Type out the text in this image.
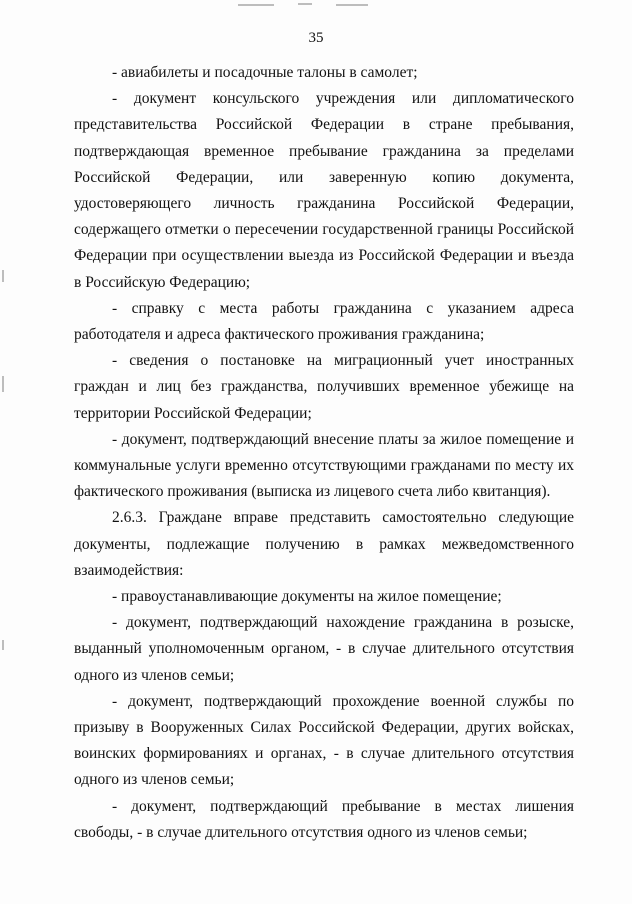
35

- авиабилеты и посадочные талоны в самолет;

- документ консульского учреждения или дипломатического представительства Российской Федерации в стране пребывания, подтверждающая временное пребывание гражданина за пределами Российской Федерации, или заверенную копию документа, удостоверяющего личность гражданина Российской Федерации, содержащего отметки о пересечении государственной границы Российской Федерации при осуществлении выезда из Российской Федерации и въезда в Российскую Федерацию;

- справку с места работы гражданина с указанием адреса работодателя и адреса фактического проживания гражданина;

- сведения о постановке на миграционный учет иностранных граждан и лиц без гражданства, получивших временное убежище на территории Российской Федерации;

- документ, подтверждающий внесение платы за жилое помещение и коммунальные услуги временно отсутствующими гражданами по месту их фактического проживания (выписка из лицевого счета либо квитанция).

2.6.3. Граждане вправе представить самостоятельно следующие документы, подлежащие получению в рамках межведомственного взаимодействия:

- правоустанавливающие документы на жилое помещение;

- документ, подтверждающий нахождение гражданина в розыске, выданный уполномоченным органом, - в случае длительного отсутствия одного из членов семьи;

- документ, подтверждающий прохождение военной службы по призыву в Вооруженных Силах Российской Федерации, других войсках, воинских формированиях и органах, - в случае длительного отсутствия одного из членов семьи;

- документ, подтверждающий пребывание в местах лишения свободы, - в случае длительного отсутствия одного из членов семьи;
